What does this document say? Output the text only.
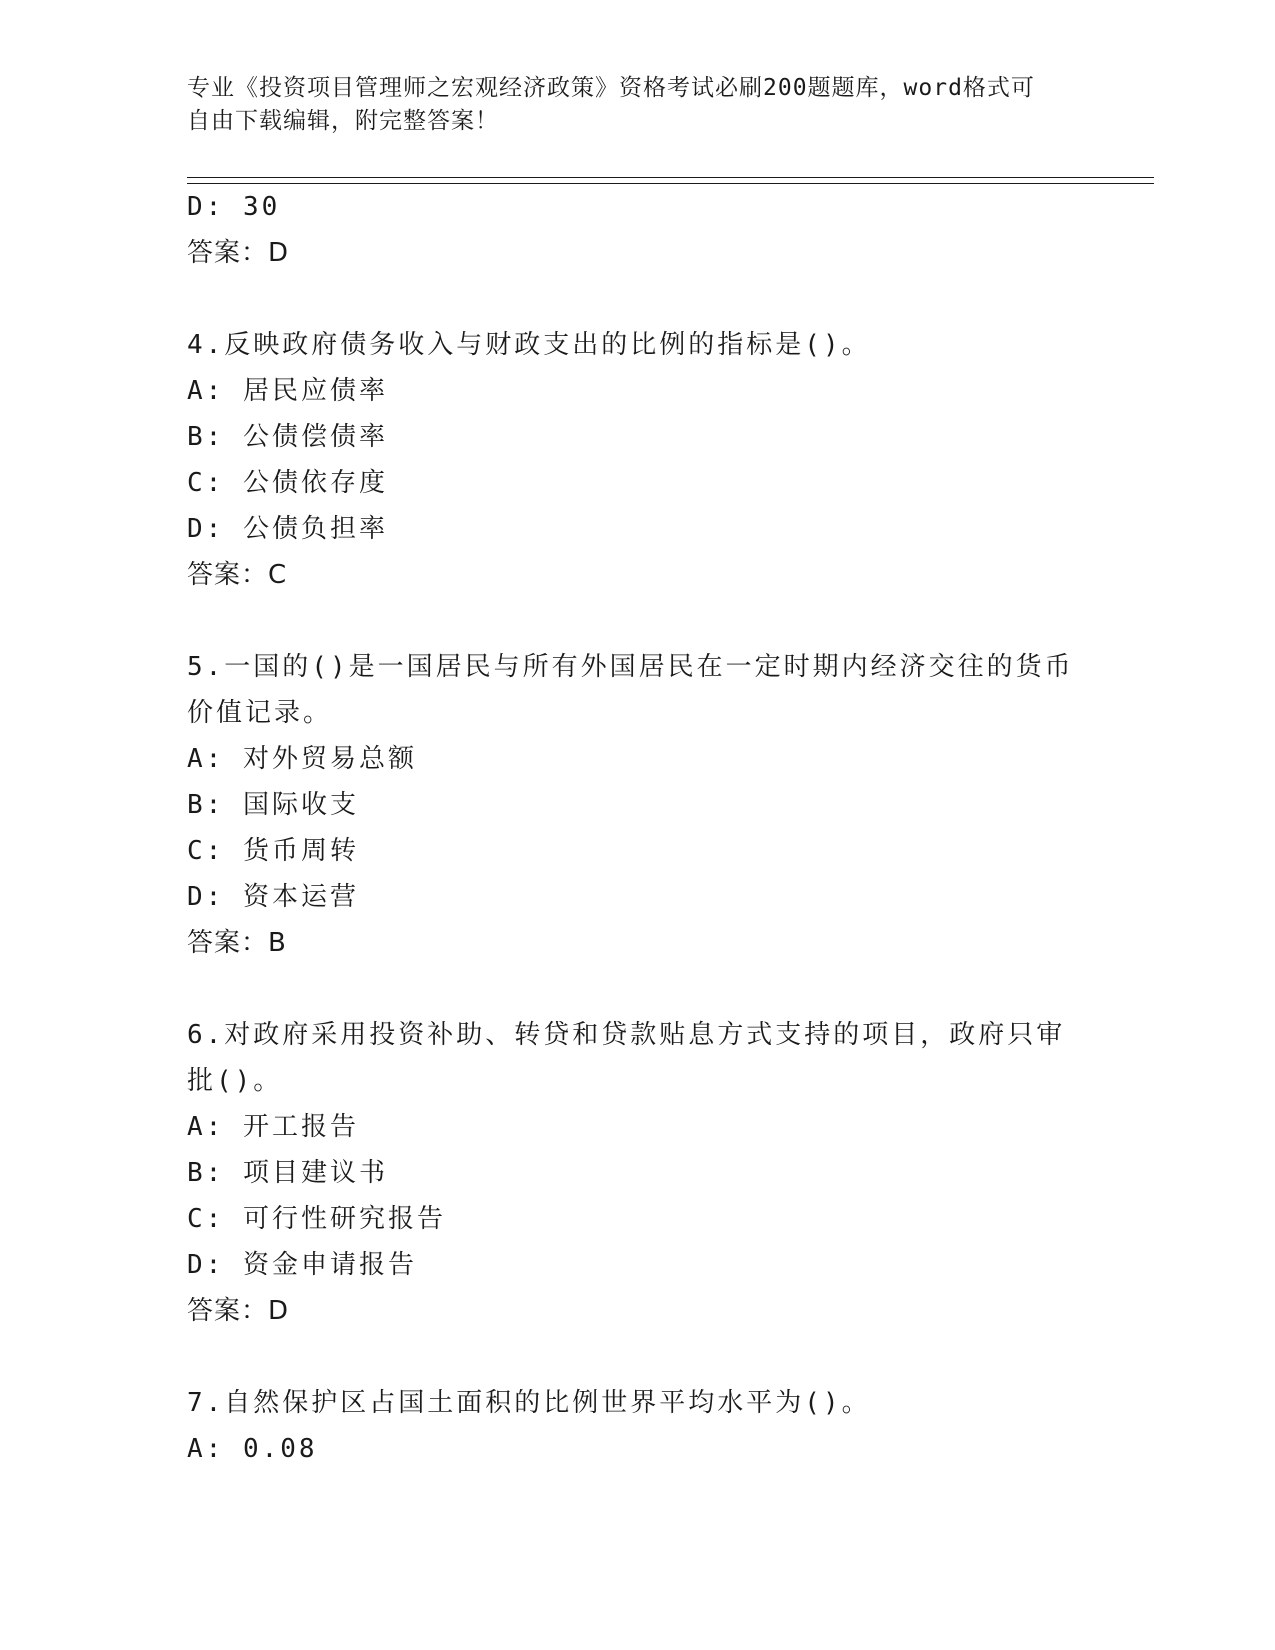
专业《投资项目管理师之宏观经济政策》资格考试必刷200题题库，word格式可
自由下载编辑，附完整答案！
D: 30
答案：D
4.反映政府债务收入与财政支出的比例的指标是()。
A: 居民应债率
B: 公债偿债率
C: 公债依存度
D: 公债负担率
答案：C
5.一国的()是一国居民与所有外国居民在一定时期内经济交往的货币
价值记录。
A: 对外贸易总额
B: 国际收支
C: 货币周转
D: 资本运营
答案：B
6.对政府采用投资补助、转贷和贷款贴息方式支持的项目，政府只审
批()。
A: 开工报告
B: 项目建议书
C: 可行性研究报告
D: 资金申请报告
答案：D
7.自然保护区占国土面积的比例世界平均水平为()。
A: 0.08
